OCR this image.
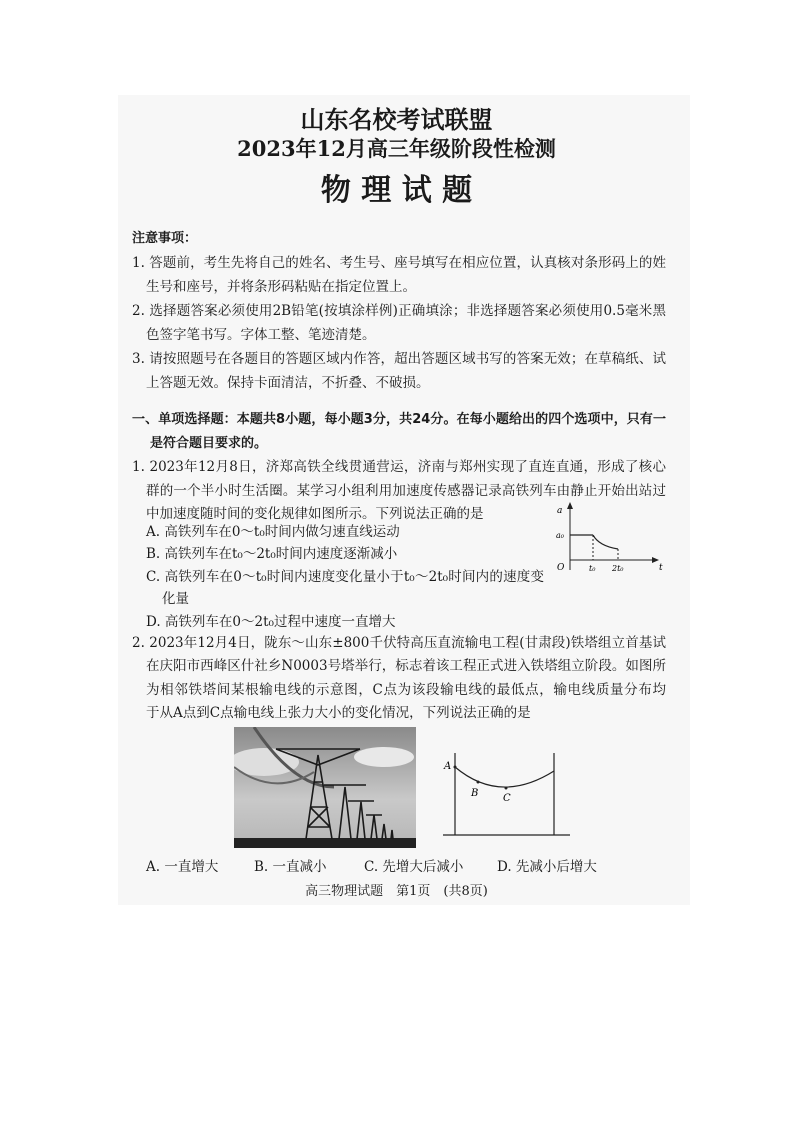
山东名校考试联盟
2023年12月高三年级阶段性检测
物 理 试 题
注意事项：
1. 答题前，考生先将自己的姓名、考生号、座号填写在相应位置，认真核对条形码上的姓
生号和座号，并将条形码粘贴在指定位置上。
2. 选择题答案必须使用2B铅笔(按填涂样例)正确填涂；非选择题答案必须使用0.5毫米黑
色签字笔书写。字体工整、笔迹清楚。
3. 请按照题号在各题目的答题区域内作答，超出答题区域书写的答案无效；在草稿纸、试
上答题无效。保持卡面清洁，不折叠、不破损。
一、单项选择题：本题共8小题，每小题3分，共24分。在每小题给出的四个选项中，只有一
是符合题目要求的。
1. 2023年12月8日，济郑高铁全线贯通营运，济南与郑州实现了直连直通，形成了核心
群的一个半小时生活圈。某学习小组利用加速度传感器记录高铁列车由静止开始出站过
中加速度随时间的变化规律如图所示。下列说法正确的是
A. 高铁列车在0～t₀时间内做匀速直线运动
B. 高铁列车在t₀～2t₀时间内速度逐渐减小
C. 高铁列车在0～t₀时间内速度变化量小于t₀～2t₀时间内的速度变
化量
D. 高铁列车在0～2t₀过程中速度一直增大
a
t
O
a₀
t₀ 2t₀
2. 2023年12月4日，陇东～山东±800千伏特高压直流输电工程(甘肃段)铁塔组立首基试
在庆阳市西峰区什社乡N0003号塔举行，标志着该工程正式进入铁塔组立阶段。如图所
为相邻铁塔间某根输电线的示意图，C点为该段输电线的最低点，输电线质量分布均
于从A点到C点输电线上张力大小的变化情况，下列说法正确的是
A
B C
A. 一直增大	B. 一直减小	C. 先增大后减小 D. 先减小后增大
高三物理试题　第1页　(共8页)
